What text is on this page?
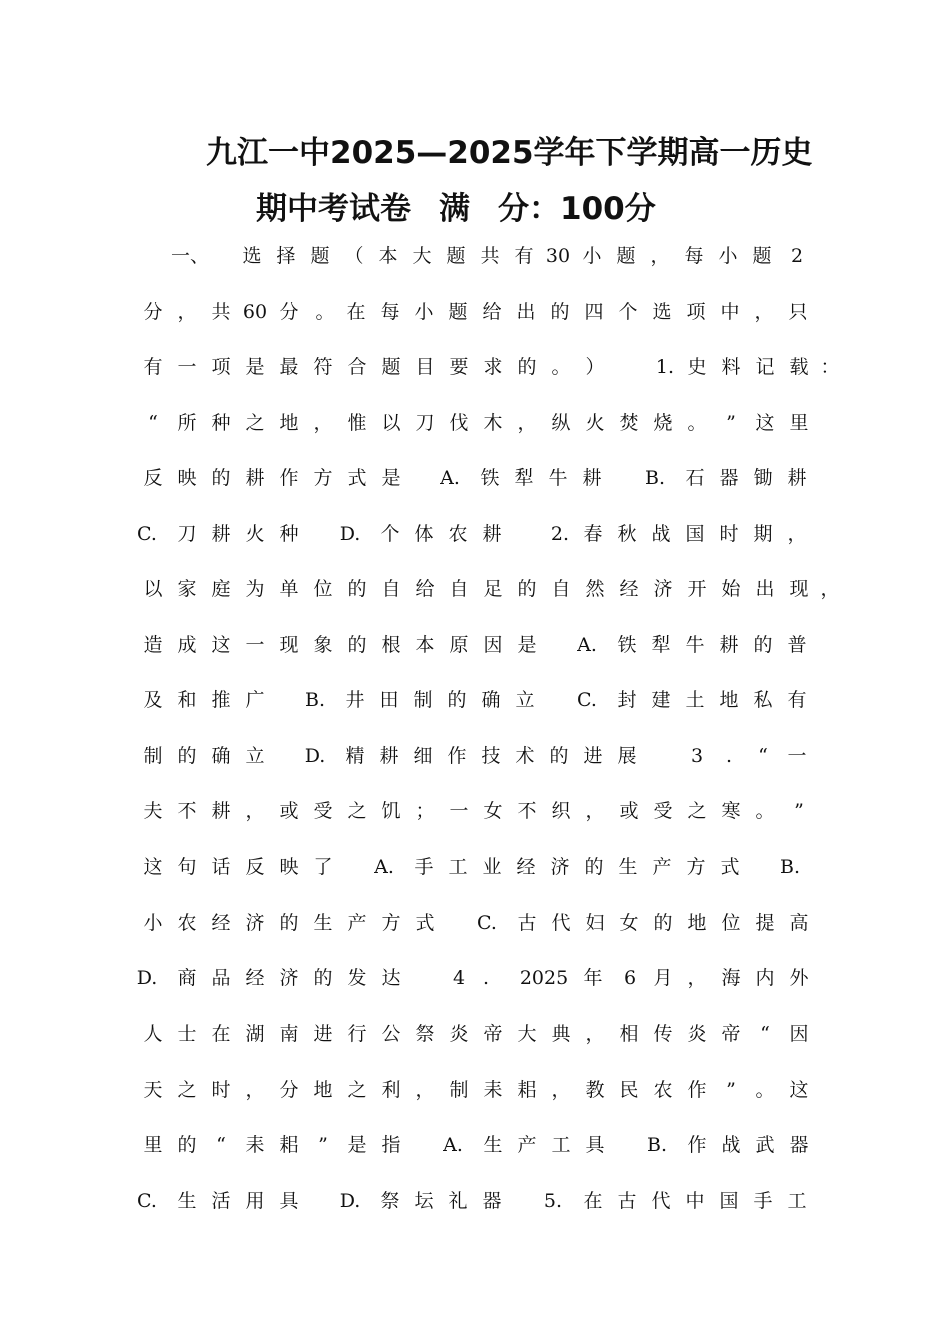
九江一中2025—2025学年下学期高一历史
期中考试卷 满 分：100分
一、 选 择 题 （ 本 大 题 共 有 30 小 题 ， 每 小 题 2
分 ， 共 60 分 。 在 每 小 题 给 出 的 四 个 选 项 中 ， 只
有 一 项 是 最 符 合 题 目 要 求 的 。 ）	1. 史 料 记 载 ：
“ 所 种 之 地 ， 惟 以 刀 伐 木 ， 纵 火 焚 烧 。 ” 这 里
反 映 的 耕 作 方 式 是 A. 铁 犁 牛 耕 B. 石 器 锄 耕
C. 刀 耕 火 种 D. 个 体 农 耕	2. 春 秋 战 国 时 期 ，
以 家 庭 为 单 位 的 自 给 自 足 的 自 然 经 济 开 始 出 现 ，
造 成 这 一 现 象 的 根 本 原 因 是 A. 铁 犁 牛 耕 的 普
及 和 推 广 B. 井 田 制 的 确 立 C. 封 建 土 地 私 有
制 的 确 立 D. 精 耕 细 作 技 术 的 进 展	3 . “ 一
夫 不 耕 ， 或 受 之 饥 ； 一 女 不 织 ， 或 受 之 寒 。 ”
这 句 话 反 映 了 A. 手 工 业 经 济 的 生 产 方 式 B.
小 农 经 济 的 生 产 方 式 C. 古 代 妇 女 的 地 位 提 高
D. 商 品 经 济 的 发 达	4 . 2025 年 6 月 ， 海 内 外
人 士 在 湖 南 进 行 公 祭 炎 帝 大 典 ， 相 传 炎 帝 “ 因
天 之 时 ， 分 地 之 利 ， 制 耒 耜 ， 教 民 农 作 ” 。 这
里 的 “ 耒 耜 ” 是 指 A. 生 产 工 具 B. 作 战 武 器
C. 生 活 用 具 D. 祭 坛 礼 器 5. 在 古 代 中 国 手 工
